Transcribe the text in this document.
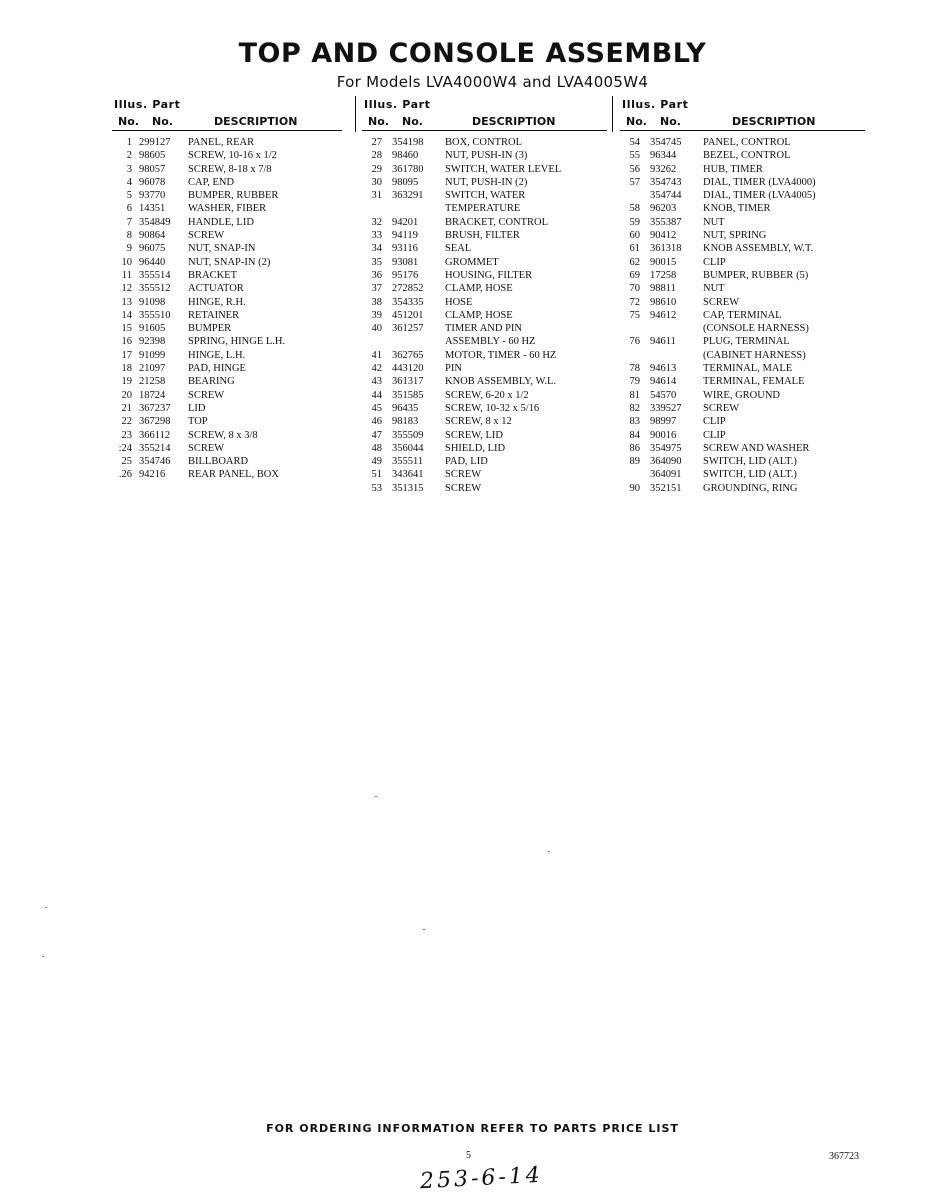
TOP AND CONSOLE ASSEMBLY
For Models LVA4000W4 and LVA4005W4
Illus. Part
No. No.	DESCRIPTION
1 299127 PANEL, REAR
2 98605 SCREW, 10-16 x 1/2
3 98057 SCREW, 8-18 x 7/8
4 96078 CAP, END
5 93770 BUMPER, RUBBER
6 14351 WASHER, FIBER
7 354849 HANDLE, LID
8 90864 SCREW
9 96075 NUT, SNAP-IN
10 96440 NUT, SNAP-IN (2)
11 355514 BRACKET
12 355512 ACTUATOR
13 91098 HINGE, R.H.
14 355510 RETAINER
15 91605 BUMPER
16 92398 SPRING, HINGE L.H.
17 91099 HINGE, L.H.
18 21097 PAD, HINGE
19 21258 BEARING
20 18724 SCREW
21 367237 LID
22 367298 TOP
23 366112 SCREW, 8 x 3/8
:24 355214 SCREW
25 354746 BILLBOARD
.26 94216 REAR PANEL, BOX
Illus. Part
No. No.	DESCRIPTION
27 354198 BOX, CONTROL
28 98460	NUT, PUSH-IN (3)
29 361780 SWITCH, WATER LEVEL
30 98095	NUT, PUSH-IN (2)
31 363291 SWITCH, WATER
TEMPERATURE
32 94201	BRACKET, CONTROL
33 94119	BRUSH, FILTER
34 93116	SEAL
35 93081	GROMMET
36 95176	HOUSING, FILTER
37 272852 CLAMP, HOSE
38 354335 HOSE
39 451201 CLAMP, HOSE
40 361257 TIMER AND PIN
ASSEMBLY - 60 HZ
41 362765 MOTOR, TIMER - 60 HZ
42 443120 PIN
43 361317 KNOB ASSEMBLY, W.L.
44 351585 SCREW, 6-20 x 1/2
45 96435	SCREW, 10-32 x 5/16
46 98183	SCREW, 8 x 12
47 355509 SCREW, LID
48 356044 SHIELD, LID
49 355511 PAD, LID
51 343641 SCREW
53 351315 SCREW
Illus. Part
No. No.	DESCRIPTION
54 354745 PANEL, CONTROL
55 96344	BEZEL, CONTROL
56 93262	HUB, TIMER
57 354743 DIAL, TIMER (LVA4000)
354744 DIAL, TIMER (LVA4005)
58 96203	KNOB, TIMER
59 355387 NUT
60 90412	NUT, SPRING
61 361318 KNOB ASSEMBLY, W.T.
62 90015	CLIP
69 17258	BUMPER, RUBBER (5)
70 98811	NUT
72 98610	SCREW
75 94612	CAP, TERMINAL
(CONSOLE HARNESS)
76 94611	PLUG, TERMINAL
(CABINET HARNESS)
78 94613	TERMINAL, MALE
79 94614	TERMINAL, FEMALE
81 54570	WIRE, GROUND
82 339527 SCREW
83 98997	CLIP
84 90016	CLIP
86 354975 SCREW AND WASHER
89 364090 SWITCH, LID (ALT.)
364091 SWITCH, LID (ALT.)
90 352151 GROUNDING, RING
FOR ORDERING INFORMATION REFER TO PARTS PRICE LIST
5	367723
253-6-14
